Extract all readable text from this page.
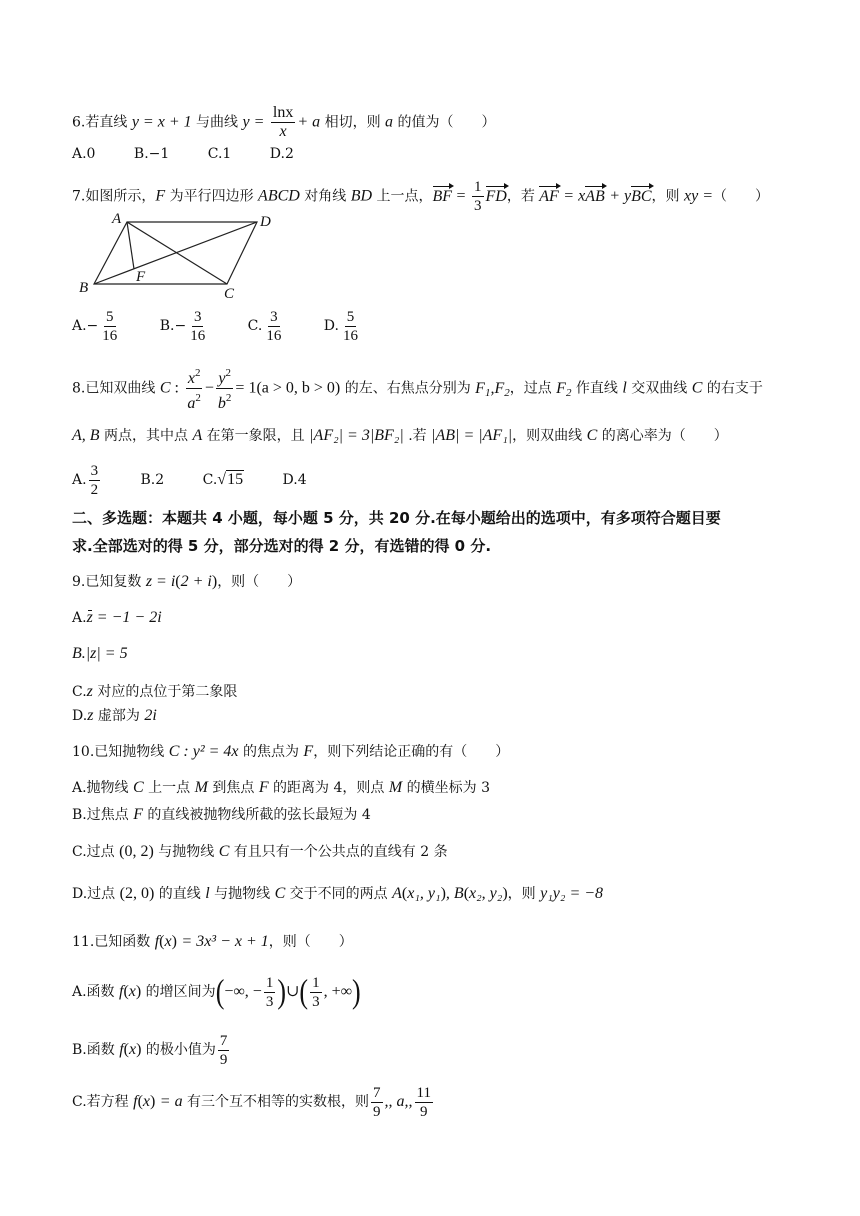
6.若直线 y = x + 1 与曲线 $y = \frac{\ln x}{x} + a$ 相切，则 a 的值为（　　）
A.0	B.−1	C.1	D.2
7.如图所示，F 为平行四边形 ABCD 对角线 BD 上一点，BF = $\frac{1}{3}$ FD，若 AF = xAB + yBC，则 xy =（　　）
A	D
B	C
F
$A.- \frac{5}{16}$	$B.- \frac{3}{16}$	C. $\frac{3}{16}$	D. $\frac{5}{16}$
8.已知双曲线 C : $\frac{x^2}{a^2} - \frac{y^2}{b^2} = 1(a > 0$, b > 0) 的左、右焦点分别为 $F_1,F_2$，过点 $F_2$ 作直线 l 交双曲线 C 的右支于
A, B 两点，其中点 A 在第一象限，且 |AF₂| = 3|BF₂| .若 |AB| = |AF₁|，则双曲线 C 的离心率为（　　）
A. $\frac{3}{2}$	B.2	C.√15	D.4
二、多选题：本题共 4 小题，每小题 5 分，共 20 分.在每小题给出的选项中，有多项符合题目要
求.全部选对的得 5 分，部分选对的得 2 分，有选错的得 0 分.
9.已知复数 z = i(2 + i)，则（　　）
A.z = −1 − 2i
B.|z| = 5
C.z 对应的点位于第二象限
D.z 虚部为 2i
10.已知抛物线 C : y² = 4x 的焦点为 F，则下列结论正确的有（　　）
A.抛物线 C 上一点 M 到焦点 F 的距离为 4，则点 M 的横坐标为 3
B.过焦点 F 的直线被抛物线所截的弦长最短为 4
C.过点 (0, 2) 与抛物线 C 有且只有一个公共点的直线有 2 条
D.过点 (2, 0) 的直线 l 与抛物线 C 交于不同的两点 A(x₁, y₁), B(x₂, y₂)，则 y₁y₂ = −8
11.已知函数 f(x) = 3x³ − x + 1，则（　　）
A.函数 f(x) 的增区间为(−∞, − $\frac{1}{3}$ )∪( $\frac{1}{3}$ , +∞)
B.函数 f(x) 的极小值为 $\frac{7}{9}$
C.若方程 f(x) = a 有三个互不相等的实数根，则 $\frac{7}{9}$ ,, a,, $\frac{11}{9}$
